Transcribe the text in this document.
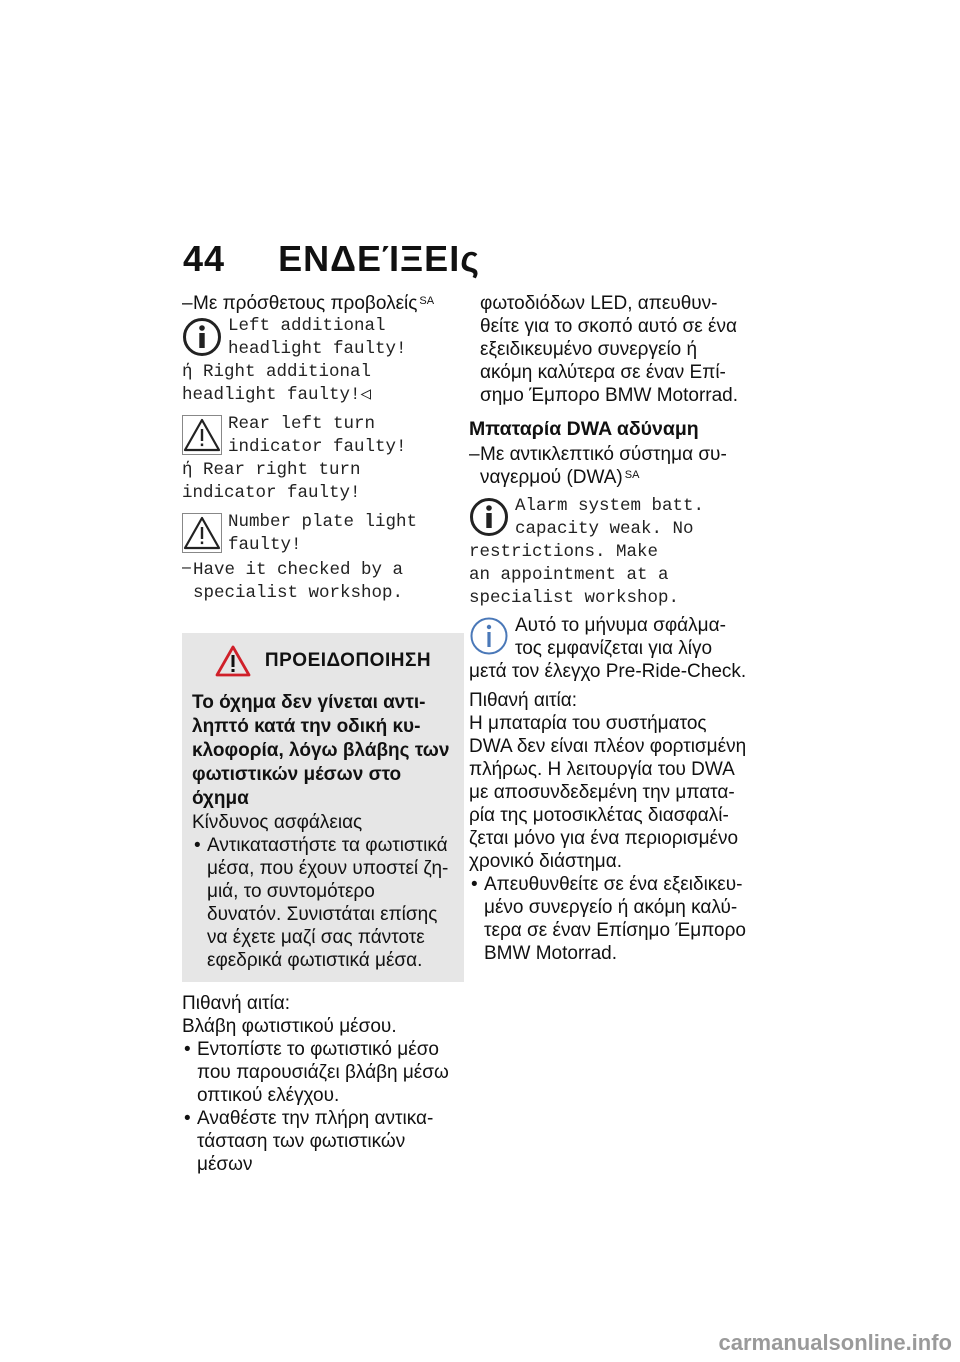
44 ΕΝΔΕΊΞΕΙς
– Με πρόσθετους προβολείς $^{SA}$

Left additional

headlight faulty!

ή Right additional

headlight faulty!◁

Rear left turn

indicator faulty!

ή Rear right turn

indicator faulty!

Number plate light

faulty!

– Have it checked by a

specialist workshop.

ΠΡΟΕΙΔΟΠΟΙΗΣΗ

Το όχημα δεν γίνεται αντι-ληπτό κατά την οδική κυ-κλοφορία, λόγω βλάβης των φωτιστικών μέσων στο όχημα

Κίνδυνος ασφάλειας

• Αντικαταστήστε τα φωτιστικά μέσα, που έχουν υποστεί ζη-μιά, το συντομότερο δυνατόν. Συνιστάται επίσης να έχετε μαζί σας πάντοτε εφεδρικά φωτιστικά μέσα.

Πιθανή αιτία:

Βλάβη φωτιστικού μέσου.

• Εντοπίστε το φωτιστικό μέσο που παρουσιάζει βλάβη μέσω οπτικού ελέγχου.
• Αναθέστε την πλήρη αντικα-τάσταση των φωτιστικών μέσων

φωτοδιόδων LED, απευθυν-θείτε για το σκοπό αυτό σε ένα εξειδικευμένο συνεργείο ή ακόμη καλύτερα σε έναν Επί-σημο Έμπορο BMW Motorrad.

Μπαταρία DWA αδύναμη
– Με αντικλεπτικό σύστημα συ-ναγερμού (DWA) $^{SA}$

Alarm system batt.

capacity weak. No

restrictions. Make

an appointment at a

specialist workshop.

Αυτό το μήνυμα σφάλμα-τος εμφανίζεται για λίγο μετά τον έλεγχο Pre-Ride-Check.

Πιθανή αιτία:

Η μπαταρία του συστήματος DWA δεν είναι πλέον φορτισμένη πλήρως. Η λειτουργία του DWA με αποσυνδεδεμένη την μπατα-ρία της μοτοσικλέτας διασφαλί-ζεται μόνο για ένα περιορισμένο χρονικό διάστημα.

• Απευθυνθείτε σε ένα εξειδικευ-μένο συνεργείο ή ακόμη καλύ-τερα σε έναν Επίσημο Έμπορο BMW Motorrad.
carmanualsonline.info
